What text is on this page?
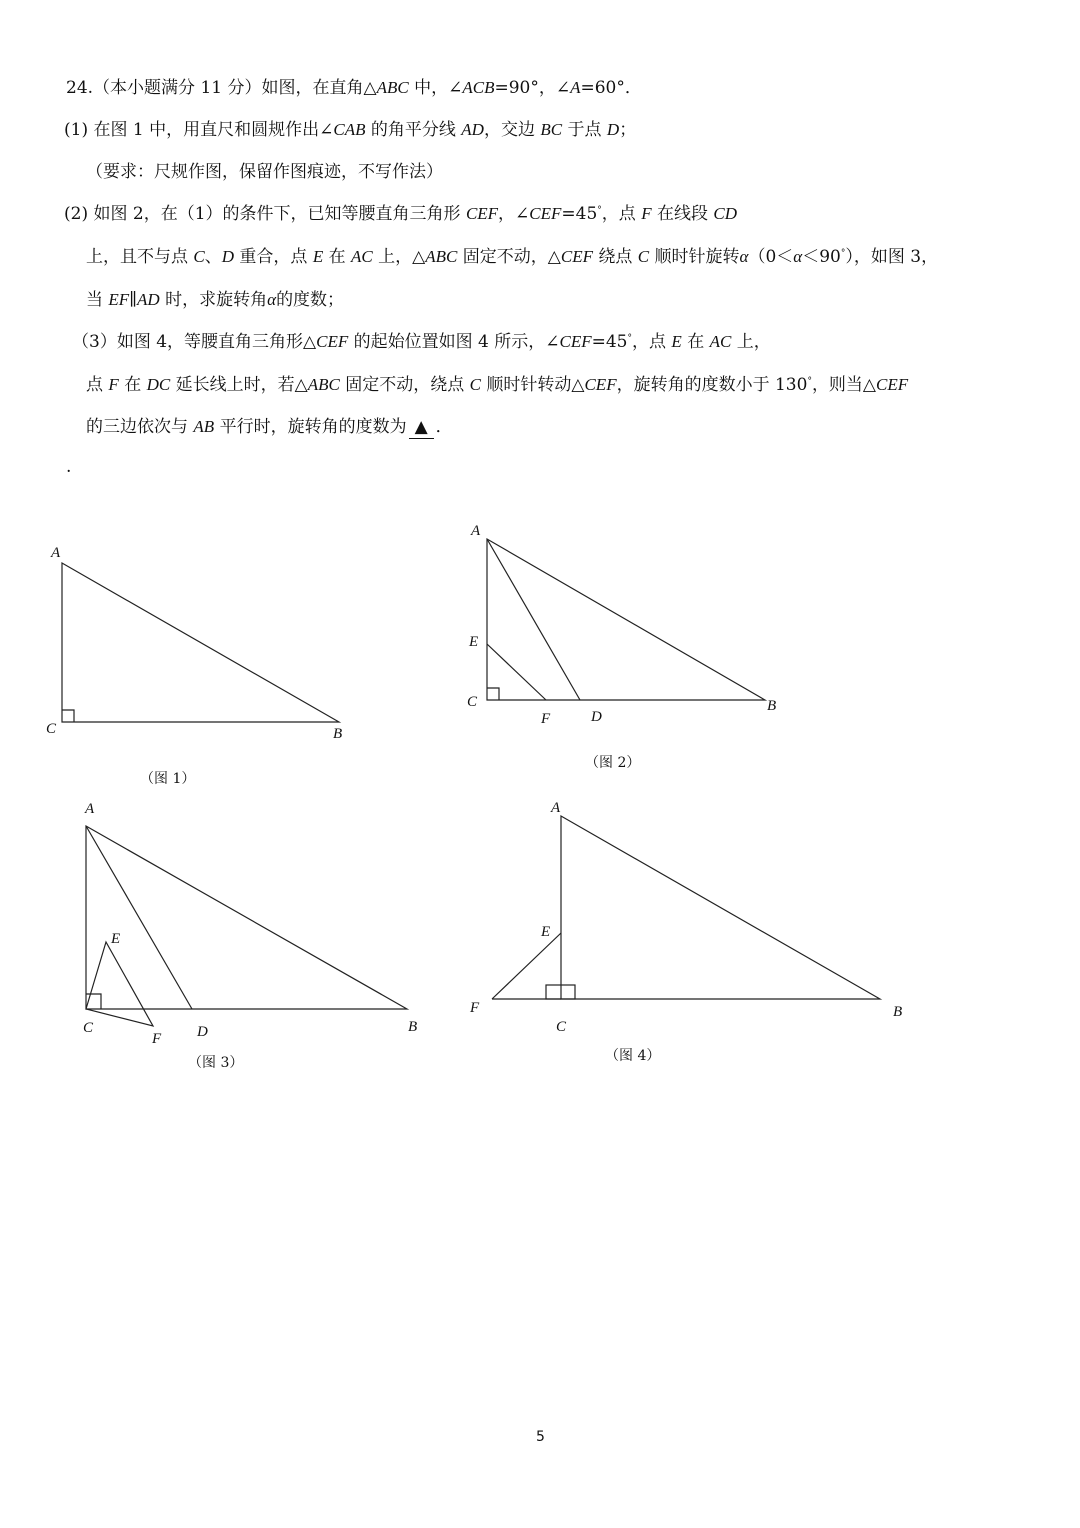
24.（本小题满分 11 分）如图，在直角△ABC 中，∠ACB=90°，∠A=60°．
(1) 在图 1 中，用直尺和圆规作出∠CAB 的角平分线 AD，交边 BC 于点 D；
（要求：尺规作图，保留作图痕迹，不写作法）
(2) 如图 2，在（1）的条件下，已知等腰直角三角形 CEF，∠CEF=45°，点 F 在线段 CD
上，且不与点 C、D 重合，点 E 在 AC 上，△ABC 固定不动，△CEF 绕点 C 顺时针旋转α（0＜α＜90°），如图 3，
当 EF∥AD 时，求旋转角α的度数；
（3）如图 4，等腰直角三角形△CEF 的起始位置如图 4 所示，∠CEF=45°，点 E 在 AC 上，
点 F 在 DC 延长线上时，若△ABC 固定不动，绕点 C 顺时针转动△CEF，旋转角的度数小于 130°，则当△CEF
的三边依次与 AB 平行时，旋转角的度数为 ▲ ．
.
A
C	B
（图 1）
A
E
C
F	D
B
（图 2）
A
E
C
F D	B
（图 3）
A
E
F
C
B
（图 4）
5
